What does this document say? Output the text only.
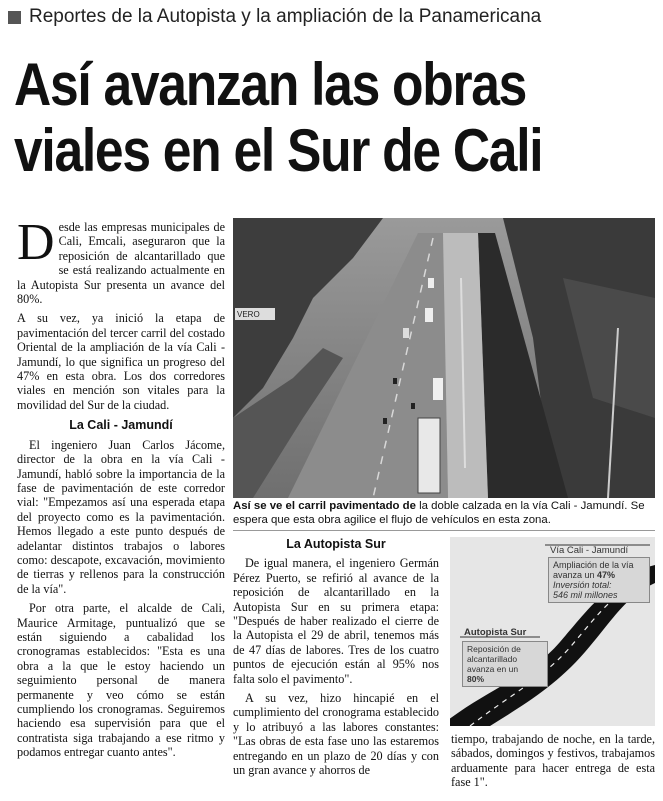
Reportes de la Autopista y la ampliación de la Panamericana
Así avanzan las obras
viales en el Sur de Cali

Desde las empresas municipales de Cali, Emcali, aseguraron que la reposición de alcantarillado que se está realizando actualmente en la Autopista Sur presenta un avance del 80%.

A su vez, ya inició la etapa de pavimentación del tercer carril del costado Oriental de la ampliación de la vía Cali - Jamundí, lo que significa un progreso del 47% en esta obra. Los dos corredores viales en mención son vitales para la movilidad del Sur de la ciudad.

La Cali - Jamundí

El ingeniero Juan Carlos Jácome, director de la obra en la vía Cali - Jamundí, habló sobre la importancia de la fase de pavimentación de este corredor vial: "Empezamos así una esperada etapa del proyecto como es la pavimentación. Hemos llegado a este punto después de adelantar distintos trabajos o labores como: descapote, excavación, movimiento de tierras y rellenos para la construcción de la vía".

Por otra parte, el alcalde de Cali, Maurice Armitage, puntualizó que se están siguiendo a cabalidad los cronogramas establecidos: "Esta es una obra a la que le estoy haciendo un seguimiento personal de manera permanente y veo cómo se están cumpliendo los cronogramas. Seguiremos haciendo esa supervisión para que el contratista siga trabajando a ese ritmo y podamos entregar cuanto antes".

VERO
Así se ve el carril pavimentado de la doble calzada en la vía Cali - Jamundí. Se espera que esta obra agilice el flujo de vehículos en esta zona.
La Autopista Sur

De igual manera, el ingeniero Germán Pérez Puerto, se refirió al avance de la reposición de alcantarillado en la Autopista Sur en su primera etapa: "Después de haber realizado el cierre de la Autopista el 29 de abril, tenemos más de 47 días de labores. Tres de los cuatro puntos de ejecución están al 95% nos falta solo el pavimento".

A su vez, hizo hincapié en el cumplimiento del cronograma establecido y lo atribuyó a las labores constantes: "Las obras de esta fase uno las estaremos entregando en un plazo de 20 días y con un gran avance y ahorros de

Vía Cali - Jamundí
Ampliación de la vía avanza un 47%
Inversión total:
546 mil millones
Autopista Sur
Reposición de alcantarillado avanza en un
80%

tiempo, trabajando de noche, en la tarde, sábados, domingos y festivos, trabajamos arduamente para hacer entrega de esta fase 1".
